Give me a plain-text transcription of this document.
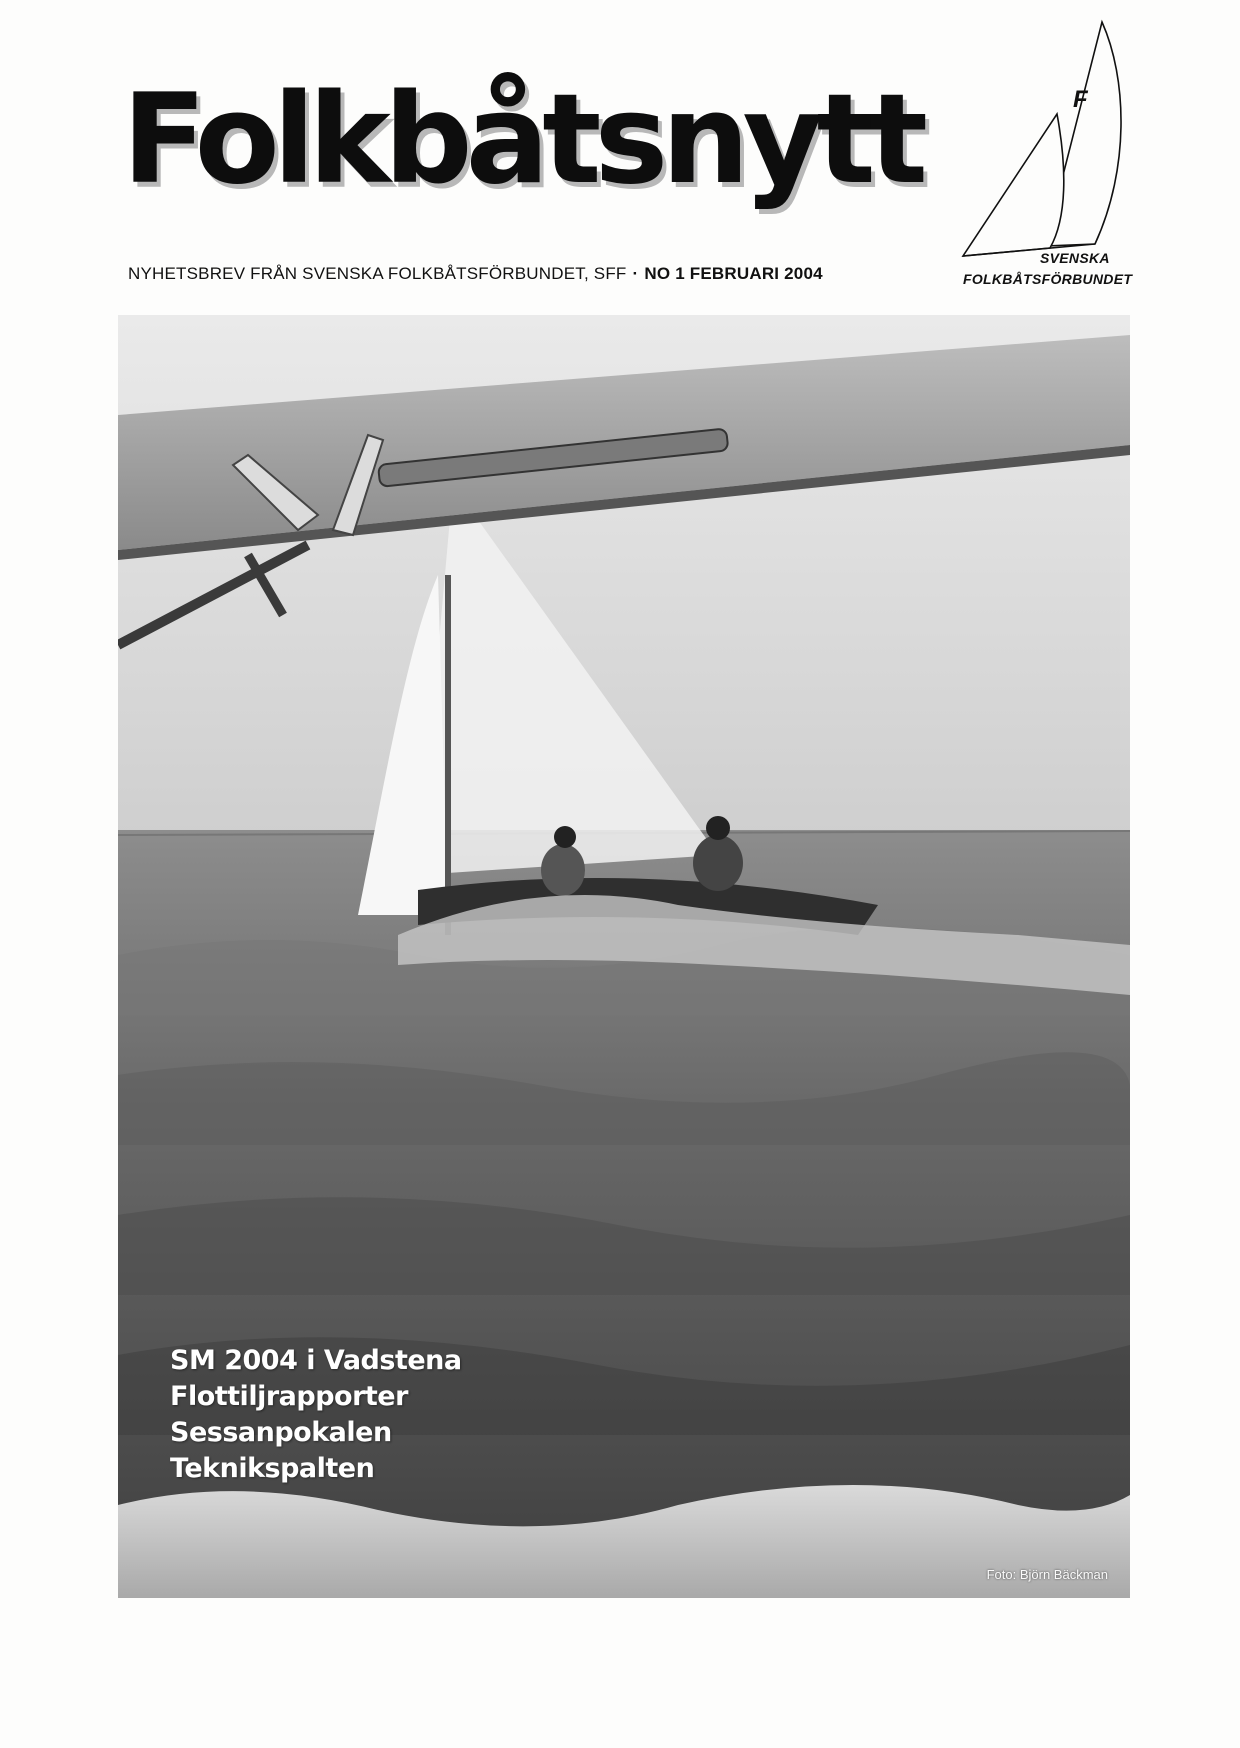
Folkbåtsnytt
NYHETSBREV FRÅN SVENSKA FOLKBÅTSFÖRBUNDET, SFF · NO 1 FEBRUARI 2004
F
SVENSKA
FOLKBÅTSFÖRBUNDET
SM 2004 i Vadstena
Flottiljrapporter
Sessanpokalen
Teknikspalten
Foto: Björn Bäckman
